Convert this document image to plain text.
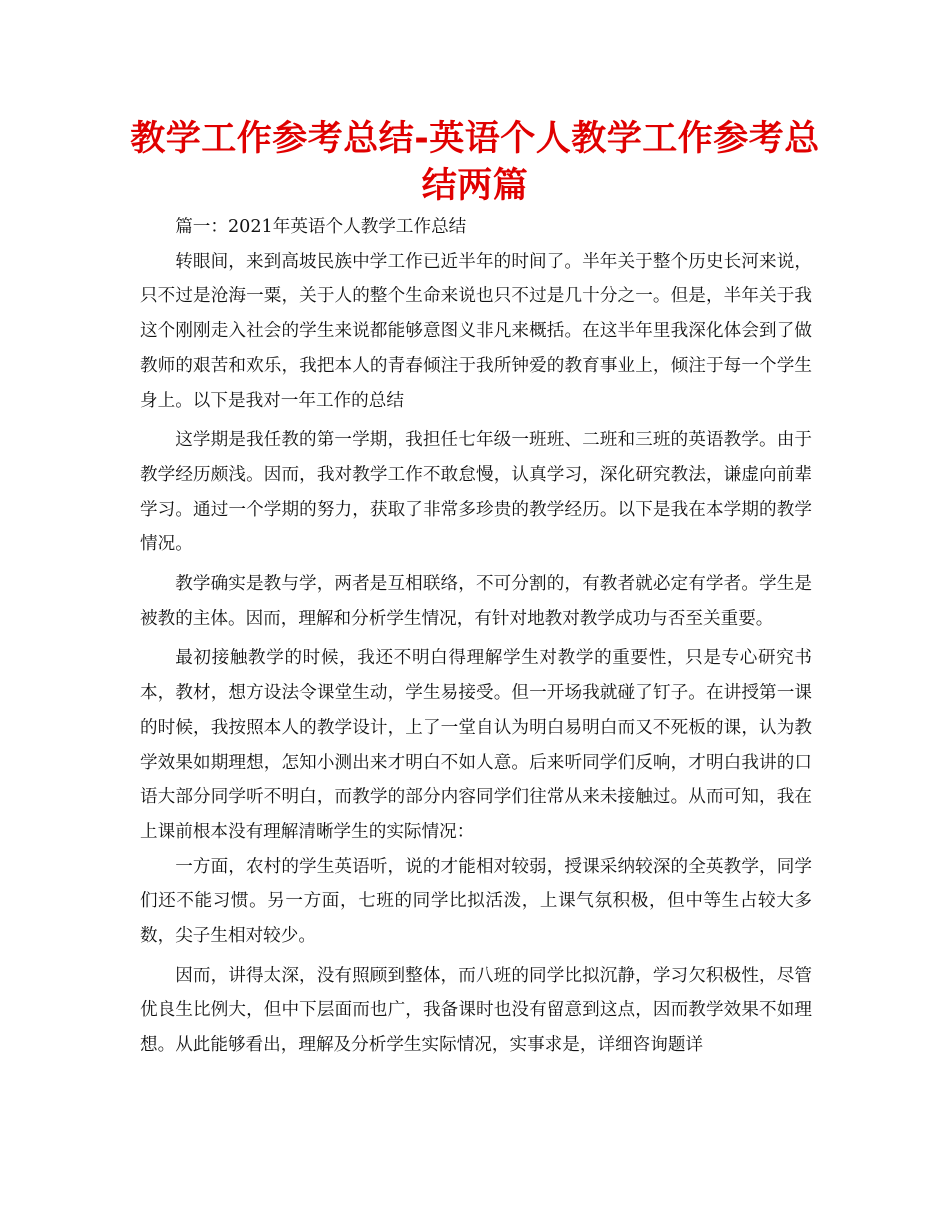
教学工作参考总结-英语个人教学工作参考总结两篇

篇一：2021年英语个人教学工作总结

转眼间，来到高坡民族中学工作已近半年的时间了。半年关于整个历史长河来说，只不过是沧海一粟，关于人的整个生命来说也只不过是几十分之一。但是，半年关于我这个刚刚走入社会的学生来说都能够意图义非凡来概括。在这半年里我深化体会到了做教师的艰苦和欢乐，我把本人的青春倾注于我所钟爱的教育事业上，倾注于每一个学生身上。以下是我对一年工作的总结

这学期是我任教的第一学期，我担任七年级一班班、二班和三班的英语教学。由于教学经历颇浅。因而，我对教学工作不敢怠慢，认真学习，深化研究教法，谦虚向前辈学习。通过一个学期的努力，获取了非常多珍贵的教学经历。以下是我在本学期的教学情况。

教学确实是教与学，两者是互相联络，不可分割的，有教者就必定有学者。学生是被教的主体。因而，理解和分析学生情况，有针对地教对教学成功与否至关重要。

最初接触教学的时候，我还不明白得理解学生对教学的重要性，只是专心研究书本，教材，想方设法令课堂生动，学生易接受。但一开场我就碰了钉子。在讲授第一课的时候，我按照本人的教学设计，上了一堂自认为明白易明白而又不死板的课，认为教学效果如期理想，怎知小测出来才明白不如人意。后来听同学们反响，才明白我讲的口语大部分同学听不明白，而教学的部分内容同学们往常从来未接触过。从而可知，我在上课前根本没有理解清晰学生的实际情况：

一方面，农村的学生英语听，说的才能相对较弱，授课采纳较深的全英教学，同学们还不能习惯。另一方面，七班的同学比拟活泼，上课气氛积极，但中等生占较大多数，尖子生相对较少。

因而，讲得太深，没有照顾到整体，而八班的同学比拟沉静，学习欠积极性，尽管优良生比例大，但中下层面而也广，我备课时也没有留意到这点，因而教学效果不如理想。从此能够看出，理解及分析学生实际情况，实事求是，详细咨询题详
